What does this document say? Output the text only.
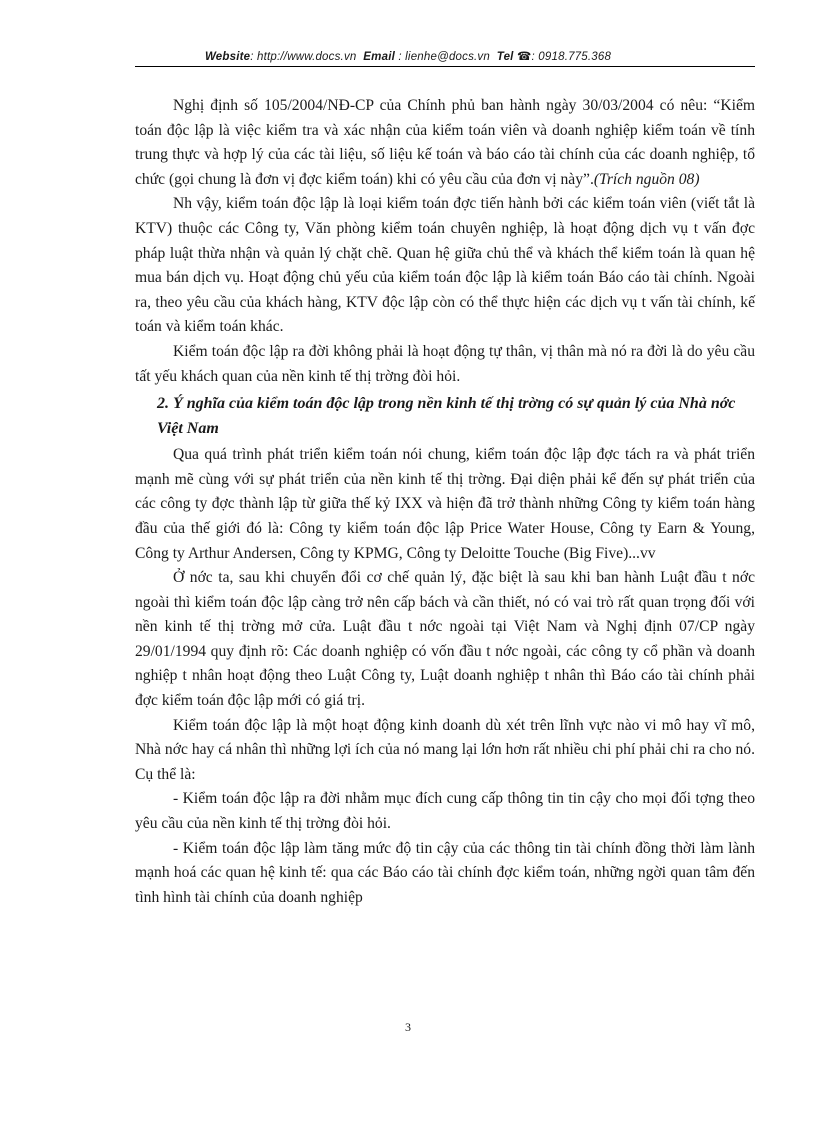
Website: http://www.docs.vn Email : lienhe@docs.vn Tel ☎: 0918.775.368

Nghị định số 105/2004/NĐ-CP của Chính phủ ban hành ngày 30/03/2004 có nêu: “Kiểm toán độc lập là việc kiểm tra và xác nhận của kiểm toán viên và doanh nghiệp kiểm toán về tính trung thực và hợp lý của các tài liệu, số liệu kế toán và báo cáo tài chính của các doanh nghiệp, tổ chức (gọi chung là đơn vị đợc kiểm toán) khi có yêu cầu của đơn vị này”.(Trích nguồn 08)

Nh vậy, kiểm toán độc lập là loại kiểm toán đợc tiến hành bởi các kiểm toán viên (viết tắt là KTV) thuộc các Công ty, Văn phòng kiểm toán chuyên nghiệp, là hoạt động dịch vụ t vấn đợc pháp luật thừa nhận và quản lý chặt chẽ. Quan hệ giữa chủ thể và khách thể kiểm toán là quan hệ mua bán dịch vụ. Hoạt động chủ yếu của kiểm toán độc lập là kiểm toán Báo cáo tài chính. Ngoài ra, theo yêu cầu của khách hàng, KTV độc lập còn có thể thực hiện các dịch vụ t vấn tài chính, kế toán và kiểm toán khác.

Kiểm toán độc lập ra đời không phải là hoạt động tự thân, vị thân mà nó ra đời là do yêu cầu tất yếu khách quan của nền kinh tế thị trờng đòi hỏi.

2. Ý nghĩa của kiểm toán độc lập trong nền kinh tế thị trờng có sự quản lý của Nhà nớc Việt Nam

Qua quá trình phát triển kiểm toán nói chung, kiểm toán độc lập đợc tách ra và phát triển mạnh mẽ cùng với sự phát triển của nền kinh tế thị trờng. Đại diện phải kể đến sự phát triển của các công ty đợc thành lập từ giữa thế kỷ IXX và hiện đã trở thành những Công ty kiểm toán hàng đầu của thế giới đó là: Công ty kiểm toán độc lập Price Water House, Công ty Earn & Young, Công ty Arthur Andersen, Công ty KPMG, Công ty Deloitte Touche (Big Five)...vv

Ở nớc ta, sau khi chuyển đổi cơ chế quản lý, đặc biệt là sau khi ban hành Luật đầu t nớc ngoài thì kiểm toán độc lập càng trở nên cấp bách và cần thiết, nó có vai trò rất quan trọng đối với nền kinh tế thị trờng mở cửa. Luật đầu t nớc ngoài tại Việt Nam và Nghị định 07/CP ngày 29/01/1994 quy định rõ: Các doanh nghiệp có vốn đầu t nớc ngoài, các công ty cổ phần và doanh nghiệp t nhân hoạt động theo Luật Công ty, Luật doanh nghiệp t nhân thì Báo cáo tài chính phải đợc kiểm toán độc lập mới có giá trị.

Kiểm toán độc lập là một hoạt động kinh doanh dù xét trên lĩnh vực nào vi mô hay vĩ mô, Nhà nớc hay cá nhân thì những lợi ích của nó mang lại lớn hơn rất nhiều chi phí phải chi ra cho nó. Cụ thể là:

- Kiểm toán độc lập ra đời nhằm mục đích cung cấp thông tin tin cậy cho mọi đối tợng theo yêu cầu của nền kinh tế thị trờng đòi hỏi.

- Kiểm toán độc lập làm tăng mức độ tin cậy của các thông tin tài chính đồng thời làm lành mạnh hoá các quan hệ kinh tế: qua các Báo cáo tài chính đợc kiểm toán, những ngời quan tâm đến tình hình tài chính của doanh nghiệp

3
